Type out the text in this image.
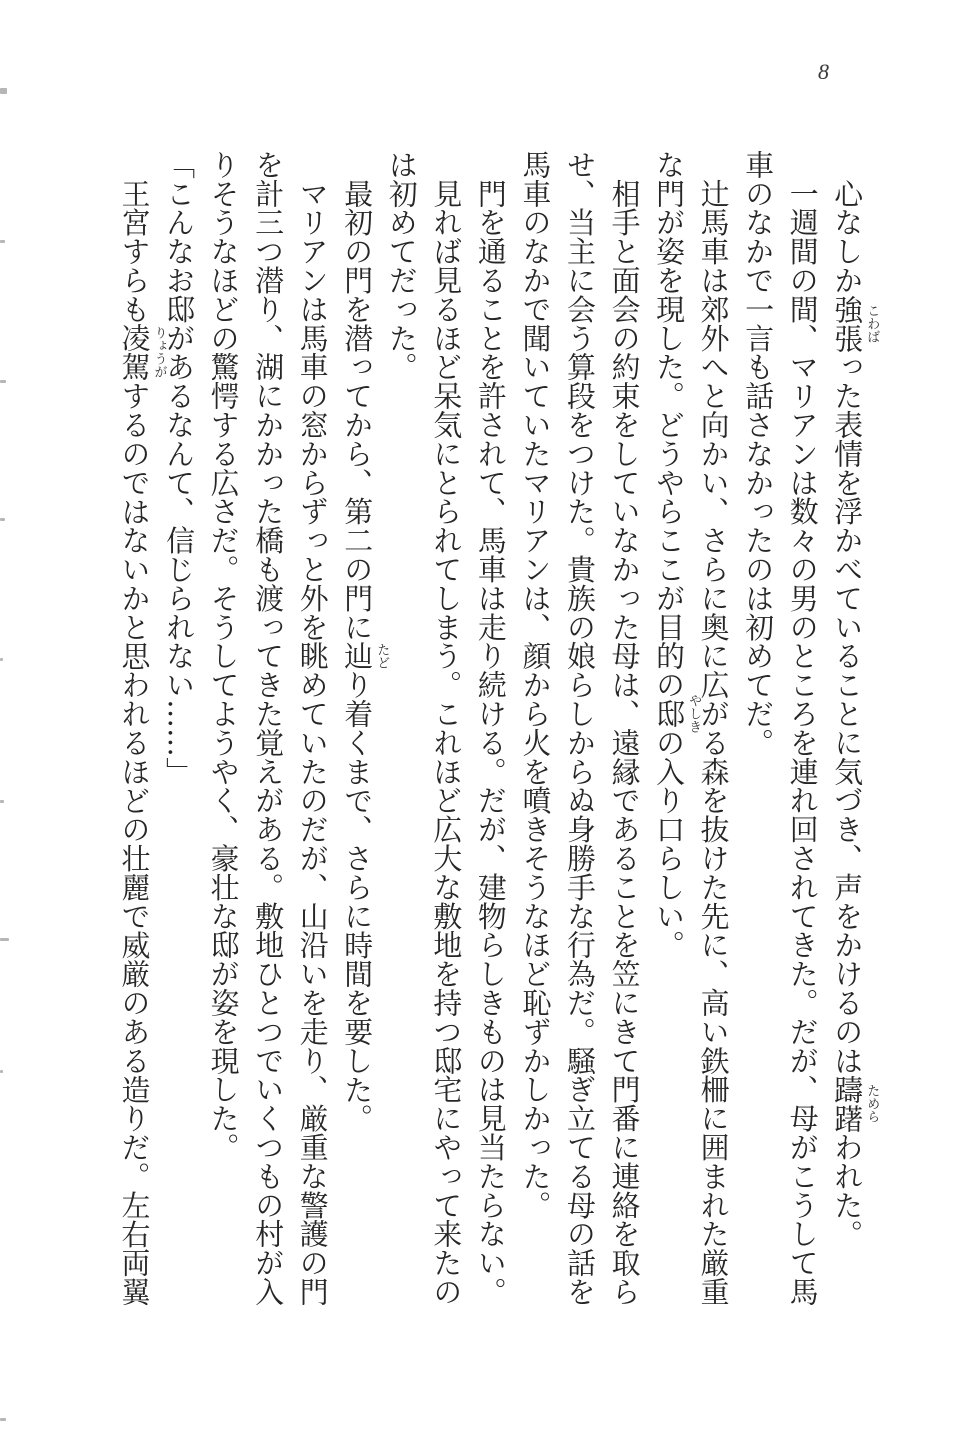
8
　心なしか強張 こわば
った表情を浮かべていることに気づき、声をかけるのは躊躇 ためら
われた。
　一週間の間、マリアンは数々の男のところを連れ回されてきた。だが、母がこうして馬
車のなかで一言も話さなかったのは初めてだ。
　辻馬車は郊外へと向かい、さらに奥に広がる森を抜けた先に、高い鉄柵に囲まれた厳重
な門が姿を現した。どうやらここが目的の邸 やしき
の入り口らしい。
　相手と面会の約束をしていなかった母は、遠縁であることを笠にきて門番に連絡を取ら
せ、当主に会う算段をつけた。貴族の娘らしからぬ身勝手な行為だ。騒ぎ立てる母の話を
馬車のなかで聞いていたマリアンは、顔から火を噴きそうなほど恥ずかしかった。
　門を通ることを許されて、馬車は走り続ける。だが、建物らしきものは見当たらない。
　見れば見るほど呆気にとられてしまう。これほど広大な敷地を持つ邸宅にやって来たの
は初めてだった。
　最初の門を潜ってから、第二の門に辿 たど
り着くまで、さらに時間を要した。
　マリアンは馬車の窓からずっと外を眺めていたのだが、山沿いを走り、厳重な警護の門
を計三つ潜り、湖にかかった橋も渡ってきた覚えがある。敷地ひとつでいくつもの村が入
りそうなほどの驚愕する広さだ。そうしてようやく、豪壮な邸が姿を現した。
「こんなお邸があるなんて、信じられない……」
　王宮すらも凌駕 りょうが
するのではないかと思われるほどの壮麗で威厳のある造りだ。左右両翼
